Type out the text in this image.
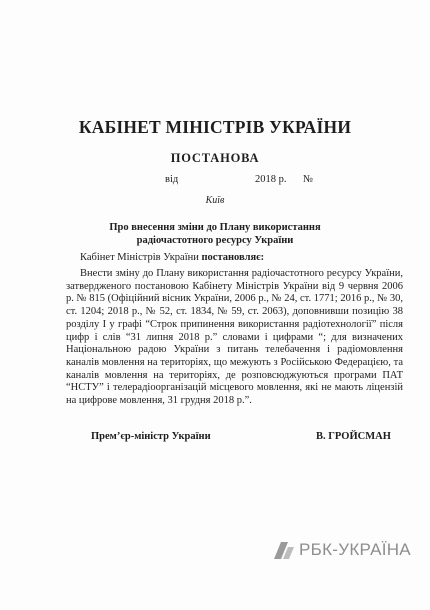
КАБІНЕТ МІНІСТРІВ УКРАЇНИ
ПОСТАНОВА
від	2018 р. №
Київ
Про внесення зміни до Плану використання
радіочастотного ресурсу України
Кабінет Міністрів України постановляє:
Внести зміну до Плану використання радіочастотного ресурсу України, затвердженого постановою Кабінету Міністрів України від 9 червня 2006 р. № 815 (Офіційний вісник України, 2006 р., № 24, ст. 1771; 2016 р., № 30, ст. 1204; 2018 р., № 52, ст. 1834, № 59, ст. 2063), доповнивши позицію 38 розділу I у графі “Строк припинення використання радіотехнології” після цифр і слів “31 липня 2018 р.” словами і цифрами “; для визначених Національною радою України з питань телебачення і радіомовлення каналів мовлення на територіях, що межують з Російською Федерацією, та каналів мовлення на територіях, де розповсюджуються програми ПАТ “НСТУ” і телерадіоорганізацій місцевого мовлення, які не мають ліцензій на цифрове мовлення, 31 грудня 2018 р.”.
Прем’єр-міністр України	В. ГРОЙСМАН
РБК-УКРАЇНА
